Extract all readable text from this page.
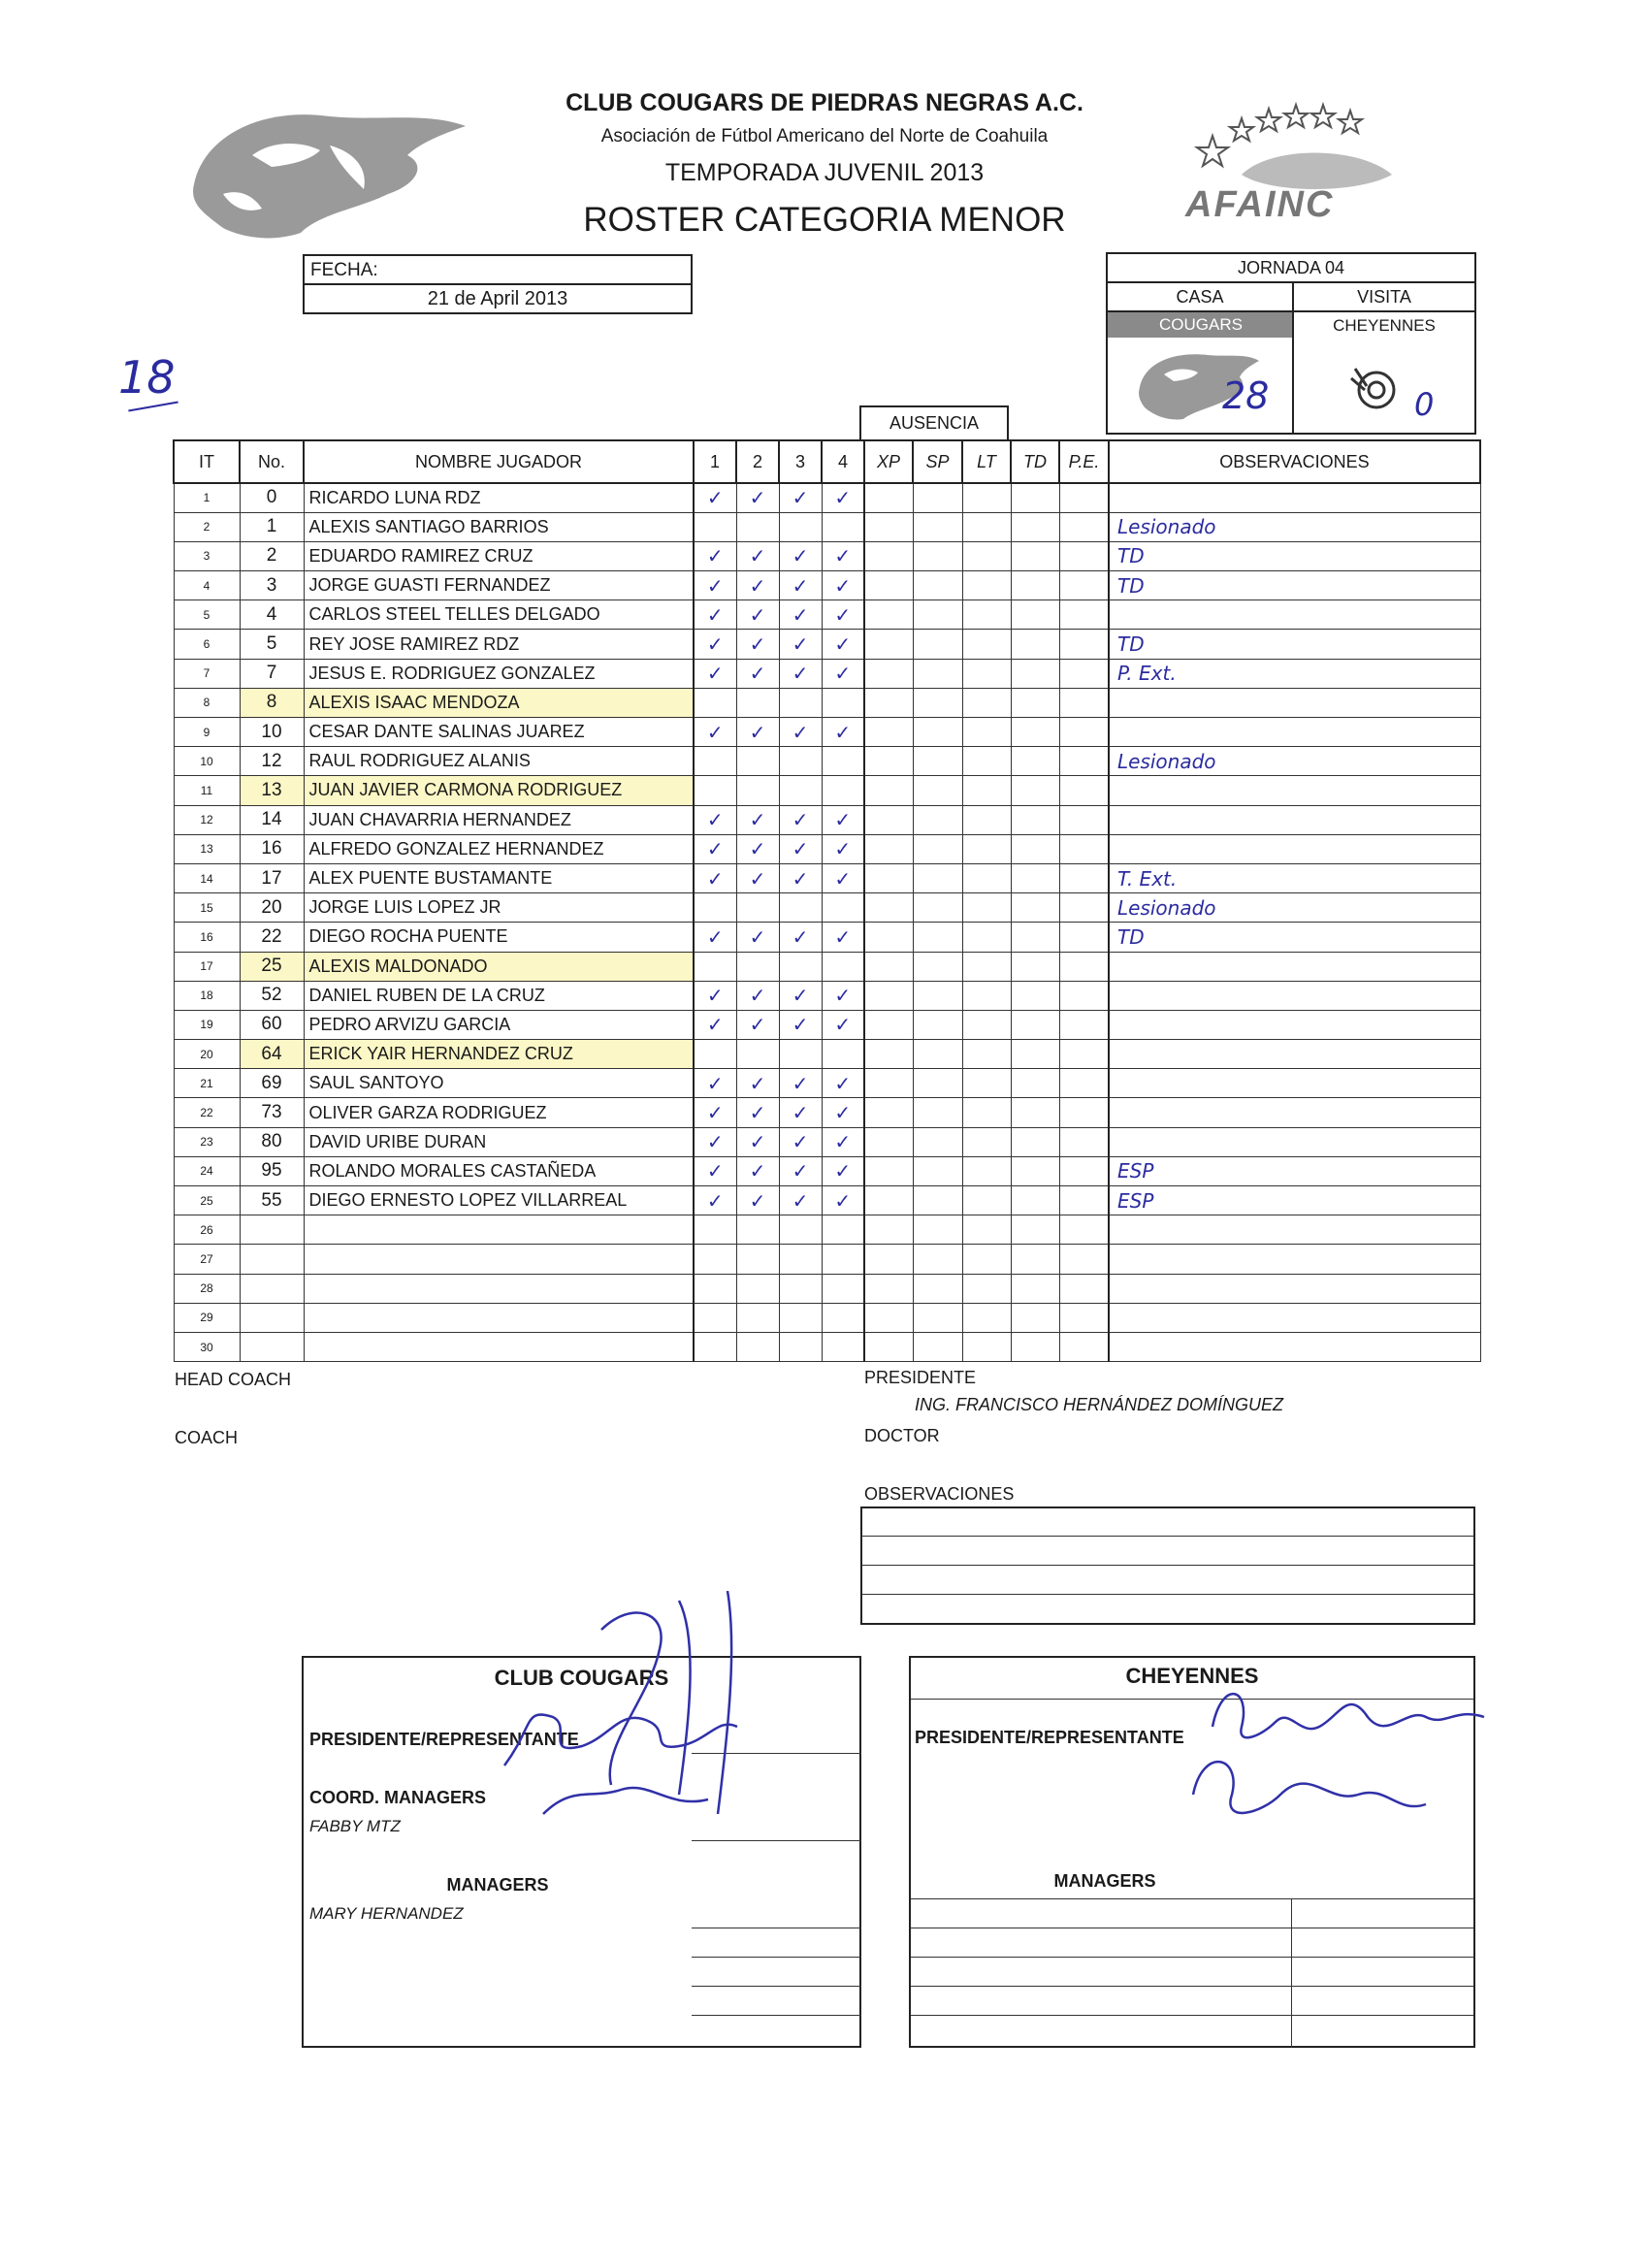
CLUB COUGARS DE PIEDRAS NEGRAS A.C.
Asociación de Fútbol Americano del Norte de Coahuila
TEMPORADA JUVENIL 2013
ROSTER CATEGORIA MENOR	AFAINC
FECHA:
21 de April 2013
18
JORNADA 04
CASA	VISITA
COUGARS	CHEYENNES
28	0
AUSENCIA
IT	No.	NOMBRE JUGADOR	1	2	3	4	XP	SP	LT	TD	P.E.	OBSERVACIONES
1	0	RICARDO LUNA RDZ	✓	✓	✓	✓						
2	1	ALEXIS SANTIAGO BARRIOS										Lesionado
3	2	EDUARDO RAMIREZ CRUZ	✓	✓	✓	✓						TD
4	3	JORGE GUASTI FERNANDEZ	✓	✓	✓	✓						TD
5	4	CARLOS STEEL TELLES DELGADO	✓	✓	✓	✓						
6	5	REY JOSE RAMIREZ RDZ	✓	✓	✓	✓						TD
7	7	JESUS E. RODRIGUEZ GONZALEZ	✓	✓	✓	✓						P. Ext.
8	8	ALEXIS ISAAC MENDOZA										
9	10	CESAR DANTE SALINAS JUAREZ	✓	✓	✓	✓						
10	12	RAUL RODRIGUEZ ALANIS										Lesionado
11	13	JUAN JAVIER CARMONA RODRIGUEZ										
12	14	JUAN CHAVARRIA HERNANDEZ	✓	✓	✓	✓						
13	16	ALFREDO GONZALEZ HERNANDEZ	✓	✓	✓	✓						
14	17	ALEX PUENTE BUSTAMANTE	✓	✓	✓	✓						T. Ext.
15	20	JORGE LUIS LOPEZ JR										Lesionado
16	22	DIEGO ROCHA PUENTE	✓	✓	✓	✓						TD
17	25	ALEXIS MALDONADO										
18	52	DANIEL RUBEN DE LA CRUZ	✓	✓	✓	✓						
19	60	PEDRO ARVIZU GARCIA	✓	✓	✓	✓						
20	64	ERICK YAIR HERNANDEZ CRUZ										
21	69	SAUL SANTOYO	✓	✓	✓	✓						
22	73	OLIVER GARZA RODRIGUEZ	✓	✓	✓	✓						
23	80	DAVID URIBE DURAN	✓	✓	✓	✓						
24	95	ROLANDO MORALES CASTAÑEDA	✓	✓	✓	✓						ESP
25	55	DIEGO ERNESTO LOPEZ VILLARREAL	✓	✓	✓	✓						ESP
26												
27												
28												
29												
30												
HEAD COACH
COACH
PRESIDENTE
ING. FRANCISCO HERNÁNDEZ DOMÍNGUEZ
DOCTOR
OBSERVACIONES
CLUB COUGARS
PRESIDENTE/REPRESENTANTE
COORD. MANAGERS
FABBY MTZ
MANAGERS
MARY HERNANDEZ
CHEYENNES
PRESIDENTE/REPRESENTANTE
MANAGERS
